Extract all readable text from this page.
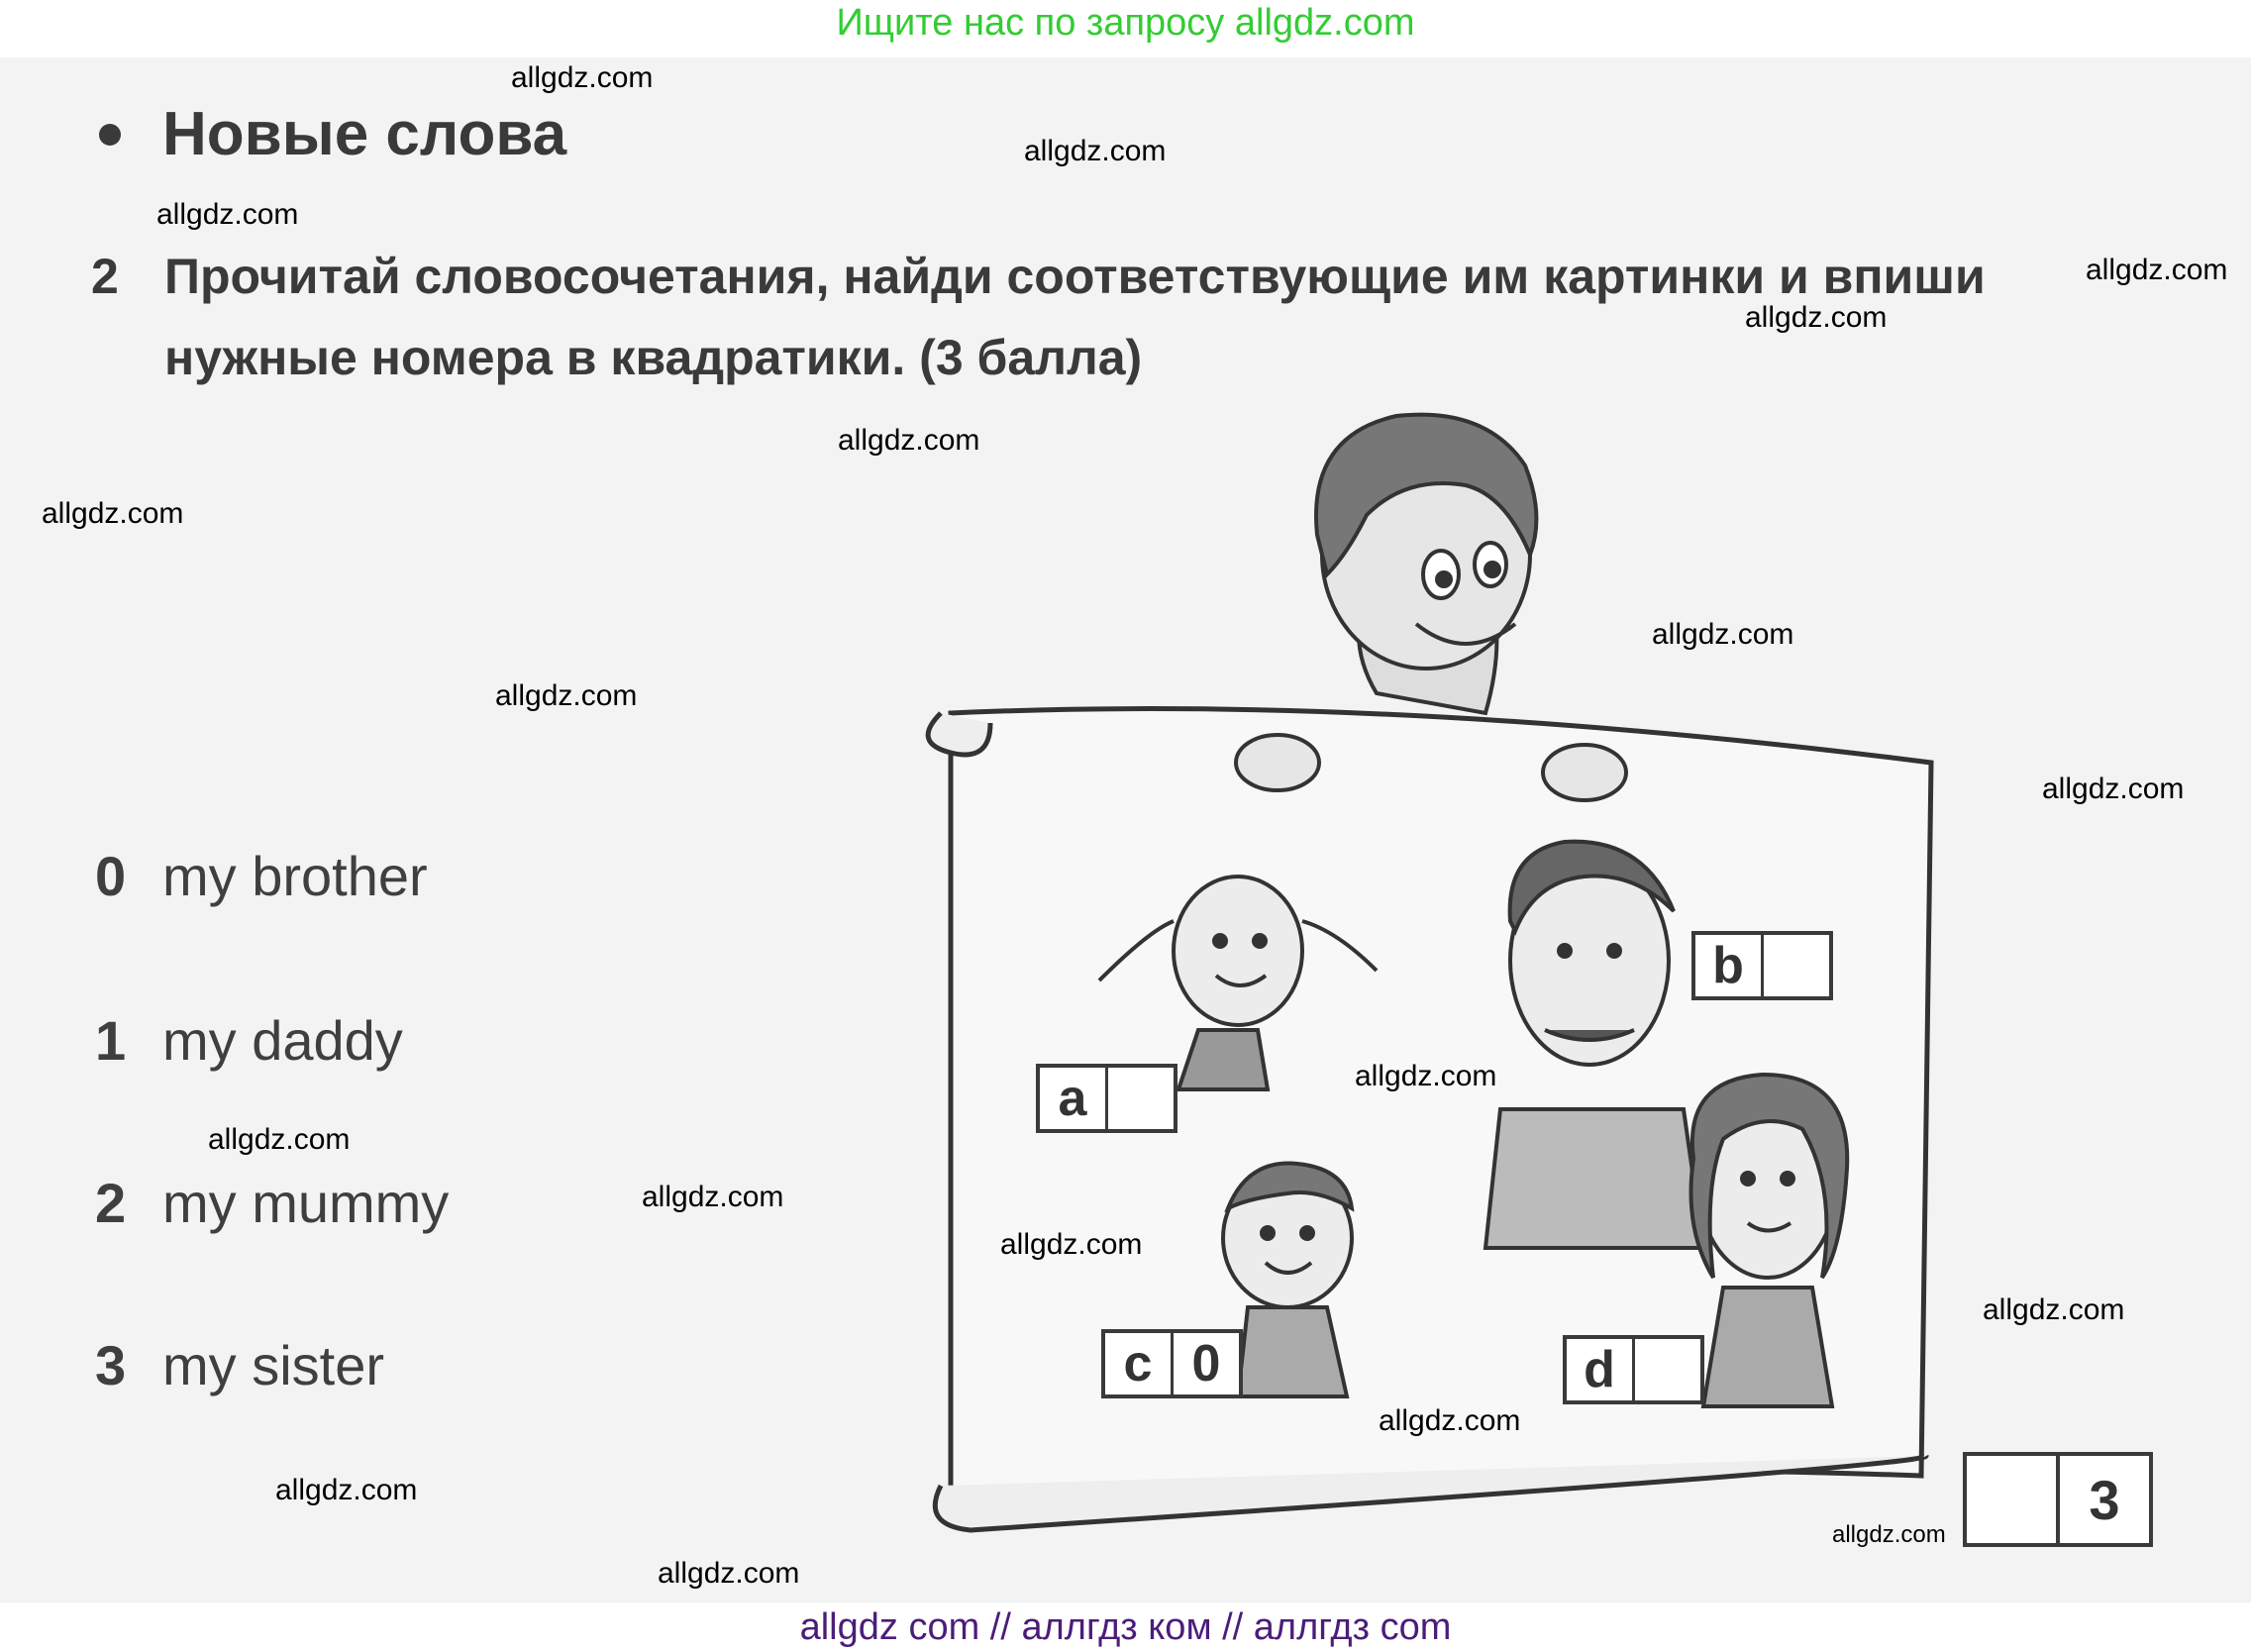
Ищите нас по запросу allgdz.com
Новые слова
2 Прочитай словосочетания, найди соответствующие им картинки и впиши нужные номера в квадратики. (3 балла)
0 my brother
1 my daddy
2 my mummy
3 my sister
a
b
c 0	d
3
allgdz.com
allgdz.com
allgdz.com
allgdz.com
allgdz.com
allgdz.com
allgdz.com
allgdz.com
allgdz.com
allgdz.com
allgdz.com
allgdz.com
allgdz.com
allgdz.com
allgdz.com
allgdz.com
allgdz.com
allgdz.com
allgdz.com
allgdz com // аллгдз ком // аллгдз com
